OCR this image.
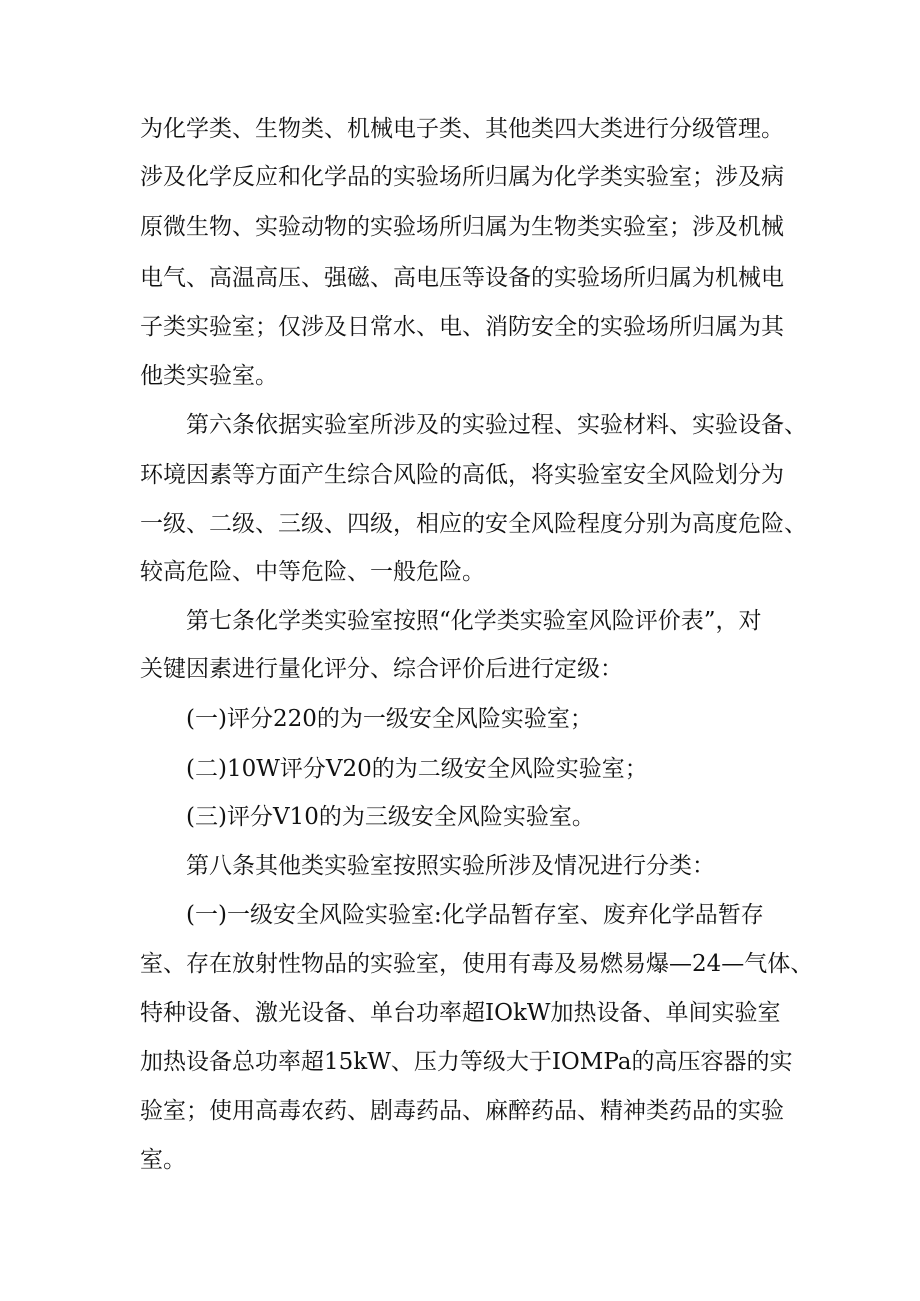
为化学类、生物类、机械电子类、其他类四大类进行分级管理。
涉及化学反应和化学品的实验场所归属为化学类实验室；涉及病
原微生物、实验动物的实验场所归属为生物类实验室；涉及机械
电气、高温高压、强磁、高电压等设备的实验场所归属为机械电
子类实验室；仅涉及日常水、电、消防安全的实验场所归属为其
他类实验室。
第六条依据实验室所涉及的实验过程、实验材料、实验设备、
环境因素等方面产生综合风险的高低，将实验室安全风险划分为
一级、二级、三级、四级，相应的安全风险程度分别为高度危险、
较高危险、中等危险、一般危险。
第七条化学类实验室按照“化学类实验室风险评价表”，对
关键因素进行量化评分、综合评价后进行定级：
(一)评分220的为一级安全风险实验室；
(二)10W评分V20的为二级安全风险实验室；
(三)评分V10的为三级安全风险实验室。
第八条其他类实验室按照实验所涉及情况进行分类：
(一)一级安全风险实验室:化学品暂存室、废弃化学品暂存
室、存在放射性物品的实验室，使用有毒及易燃易爆—24—气体、
特种设备、激光设备、单台功率超IOkW加热设备、单间实验室
加热设备总功率超15kW、压力等级大于IOMPa的高压容器的实
验室；使用高毒农药、剧毒药品、麻醉药品、精神类药品的实验
室。
